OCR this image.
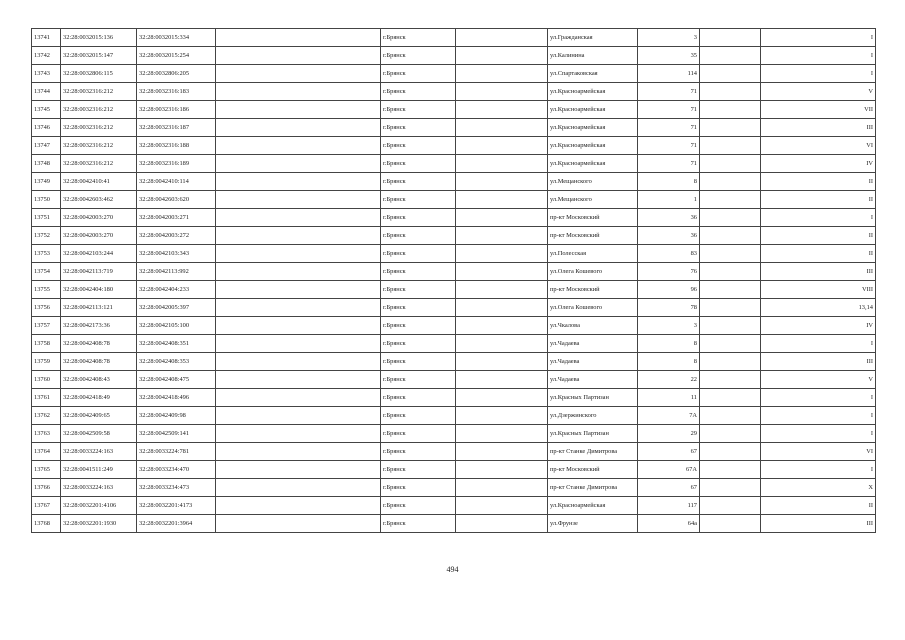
13741	32:28:0032015:136	32:28:0032015:334		г.Брянск		ул.Гражданская	3		I
13742	32:28:0032015:147	32:28:0032015:254		г.Брянск		ул.Калинина	35		I
13743	32:28:0032806:115	32:28:0032806:205		г.Брянск		ул.Спартаковская	114		I
13744	32:28:0032316:212	32:28:0032316:183		г.Брянск		ул.Красноармейская	71		V
13745	32:28:0032316:212	32:28:0032316:186		г.Брянск		ул.Красноармейская	71		VII
13746	32:28:0032316:212	32:28:0032316:187		г.Брянск		ул.Красноармейская	71		III
13747	32:28:0032316:212	32:28:0032316:188		г.Брянск		ул.Красноармейская	71		VI
13748	32:28:0032316:212	32:28:0032316:189		г.Брянск		ул.Красноармейская	71		IV
13749	32:28:0042410:41	32:28:0042410:114		г.Брянск		ул.Мещанского	8		II
13750	32:28:0042603:462	32:28:0042603:620		г.Брянск		ул.Мещанского	1		II
13751	32:28:0042003:270	32:28:0042003:271		г.Брянск		пр-кт Московский	36		I
13752	32:28:0042003:270	32:28:0042003:272		г.Брянск		пр-кт Московский	36		II
13753	32:28:0042103:244	32:28:0042103:343		г.Брянск		ул.Полесская	83		II
13754	32:28:0042113:719	32:28:0042113:992		г.Брянск		ул.Олега Кошевого	76		III
13755	32:28:0042404:180	32:28:0042404:233		г.Брянск		пр-кт Московский	96		VIII
13756	32:28:0042113:121	32:28:0042005:397		г.Брянск		ул.Олега Кошевого	78		13,14
13757	32:28:0042173:36	32:28:0042105:100		г.Брянск		ул.Чкалова	3		IV
13758	32:28:0042408:78	32:28:0042408:351		г.Брянск		ул.Чадаева	8		I
13759	32:28:0042408:78	32:28:0042408:353		г.Брянск		ул.Чадаева	8		III
13760	32:28:0042408:43	32:28:0042408:475		г.Брянск		ул.Чадаева	22		V
13761	32:28:0042418:49	32:28:0042418:496		г.Брянск		ул.Красных Партизан	11		I
13762	32:28:0042409:65	32:28:0042409:98		г.Брянск		ул.Дзержинского	7А		I
13763	32:28:0042509:58	32:28:0042509:141		г.Брянск		ул.Красных Партизан	29		I
13764	32:28:0033224:163	32:28:0033224:781		г.Брянск		пр-кт Станке Димитрова	67		VI
13765	32:28:0041511:249	32:28:0033234:470		г.Брянск		пр-кт Московский	67А		I
13766	32:28:0033224:163	32:28:0033234:473		г.Брянск		пр-кт Станке Димитрова	67		X
13767	32:28:0032201:4106	32:28:0032201:4173		г.Брянск		ул.Красноармейская	117		II
13768	32:28:0032201:1930	32:28:0032201:3964		г.Брянск		ул.Фрунзе	64а		III
494
